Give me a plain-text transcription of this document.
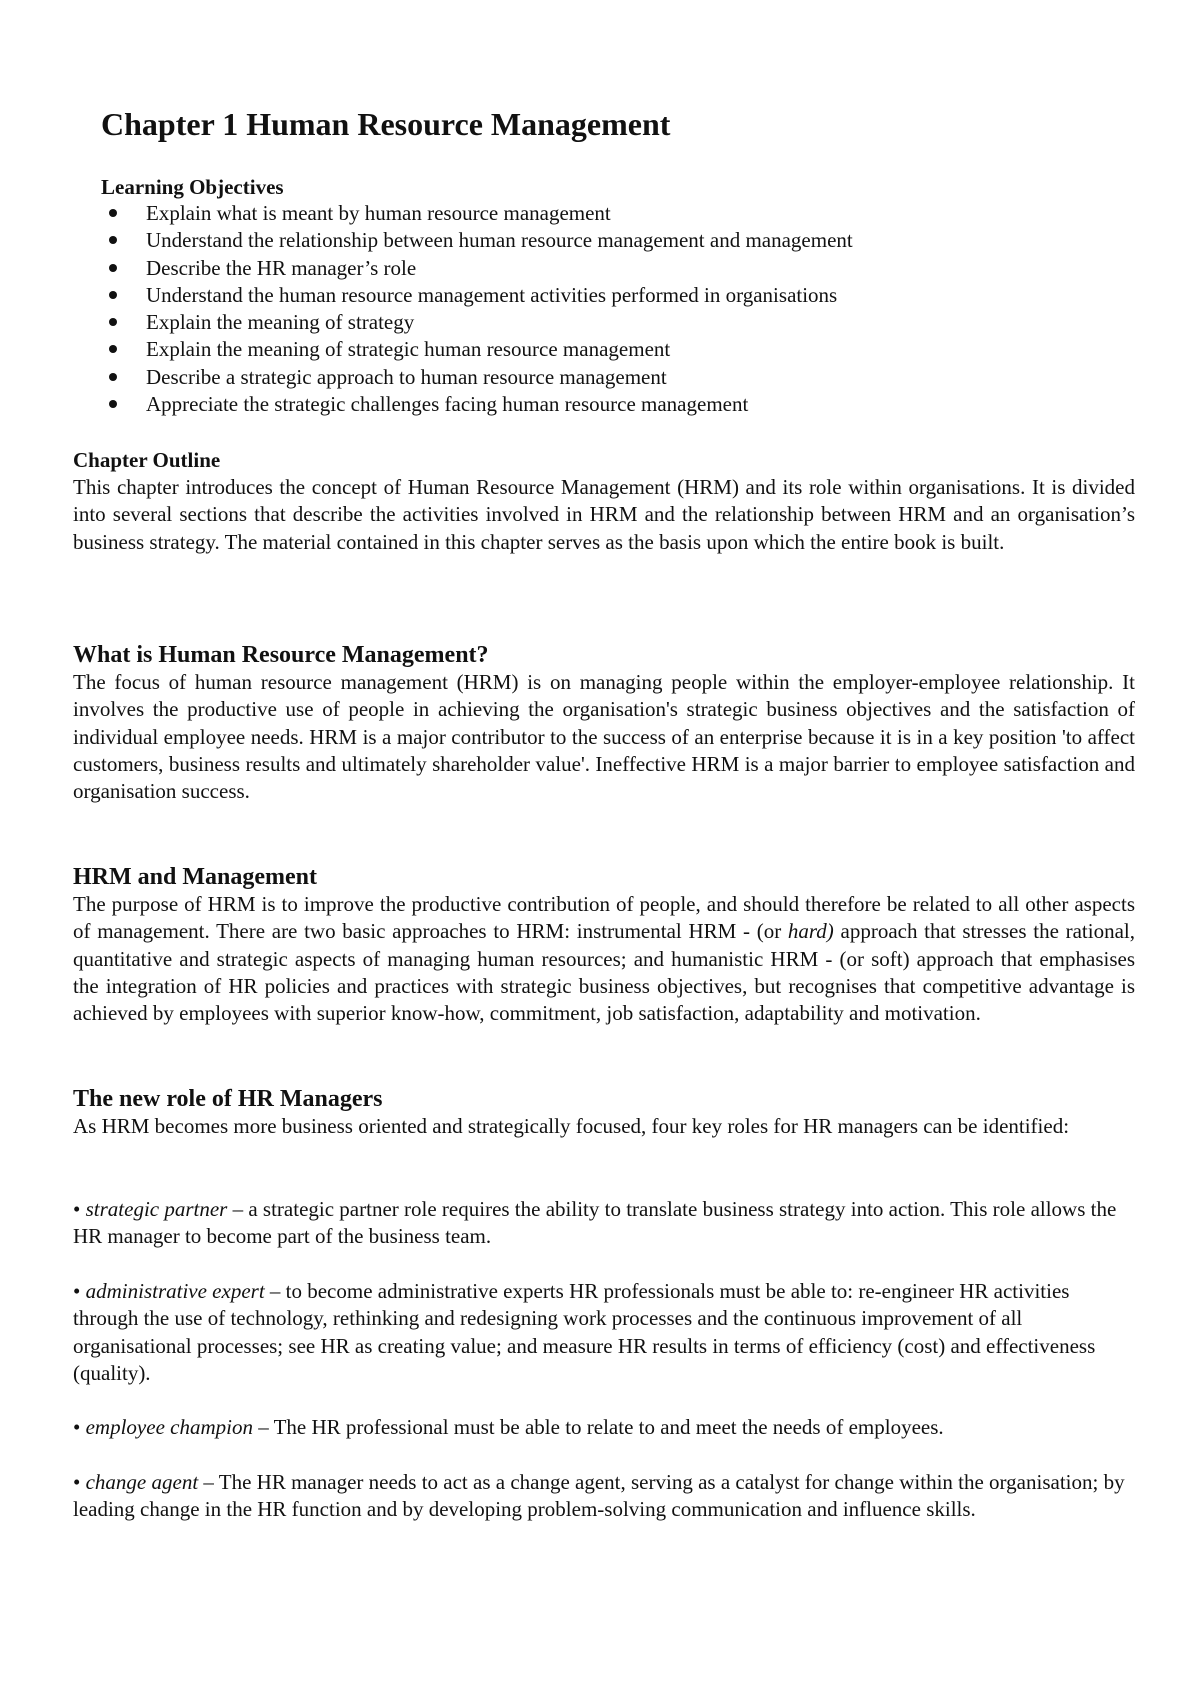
Chapter 1 Human Resource Management

Learning Objectives

Explain what is meant by human resource management
Understand the relationship between human resource management and management
Describe the HR manager’s role
Understand the human resource management activities performed in organisations
Explain the meaning of strategy
Explain the meaning of strategic human resource management
Describe a strategic approach to human resource management
Appreciate the strategic challenges facing human resource management

Chapter Outline

This chapter introduces the concept of Human Resource Management (HRM) and its role within organisations. It is divided into several sections that describe the activities involved in HRM and the relationship between HRM and an organisation’s business strategy. The material contained in this chapter serves as the basis upon which the entire book is built.

What is Human Resource Management?

The focus of human resource management (HRM) is on managing people within the employer-employee relationship. It involves the productive use of people in achieving the organisation's strategic business objectives and the satisfaction of individual employee needs. HRM is a major contributor to the success of an enterprise because it is in a key position 'to affect customers, business results and ultimately shareholder value'. Ineffective HRM is a major barrier to employee satisfaction and organisation success.

HRM and Management

The purpose of HRM is to improve the productive contribution of people, and should therefore be related to all other aspects of management. There are two basic approaches to HRM: instrumental HRM - (or hard) approach that stresses the rational, quantitative and strategic aspects of managing human resources; and humanistic HRM - (or soft) approach that emphasises the integration of HR policies and practices with strategic business objectives, but recognises that competitive advantage is achieved by employees with superior know-how, commitment, job satisfaction, adaptability and motivation.

The new role of HR Managers

As HRM becomes more business oriented and strategically focused, four key roles for HR managers can be identified:

• strategic partner – a strategic partner role requires the ability to translate business strategy into action. This role allows the HR manager to become part of the business team.

• administrative expert – to become administrative experts HR professionals must be able to: re-engineer HR activities through the use of technology, rethinking and redesigning work processes and the continuous improvement of all organisational processes; see HR as creating value; and measure HR results in terms of efficiency (cost) and effectiveness (quality).

• employee champion – The HR professional must be able to relate to and meet the needs of employees.

• change agent – The HR manager needs to act as a change agent, serving as a catalyst for change within the organisation; by leading change in the HR function and by developing problem-solving communication and influence skills.
